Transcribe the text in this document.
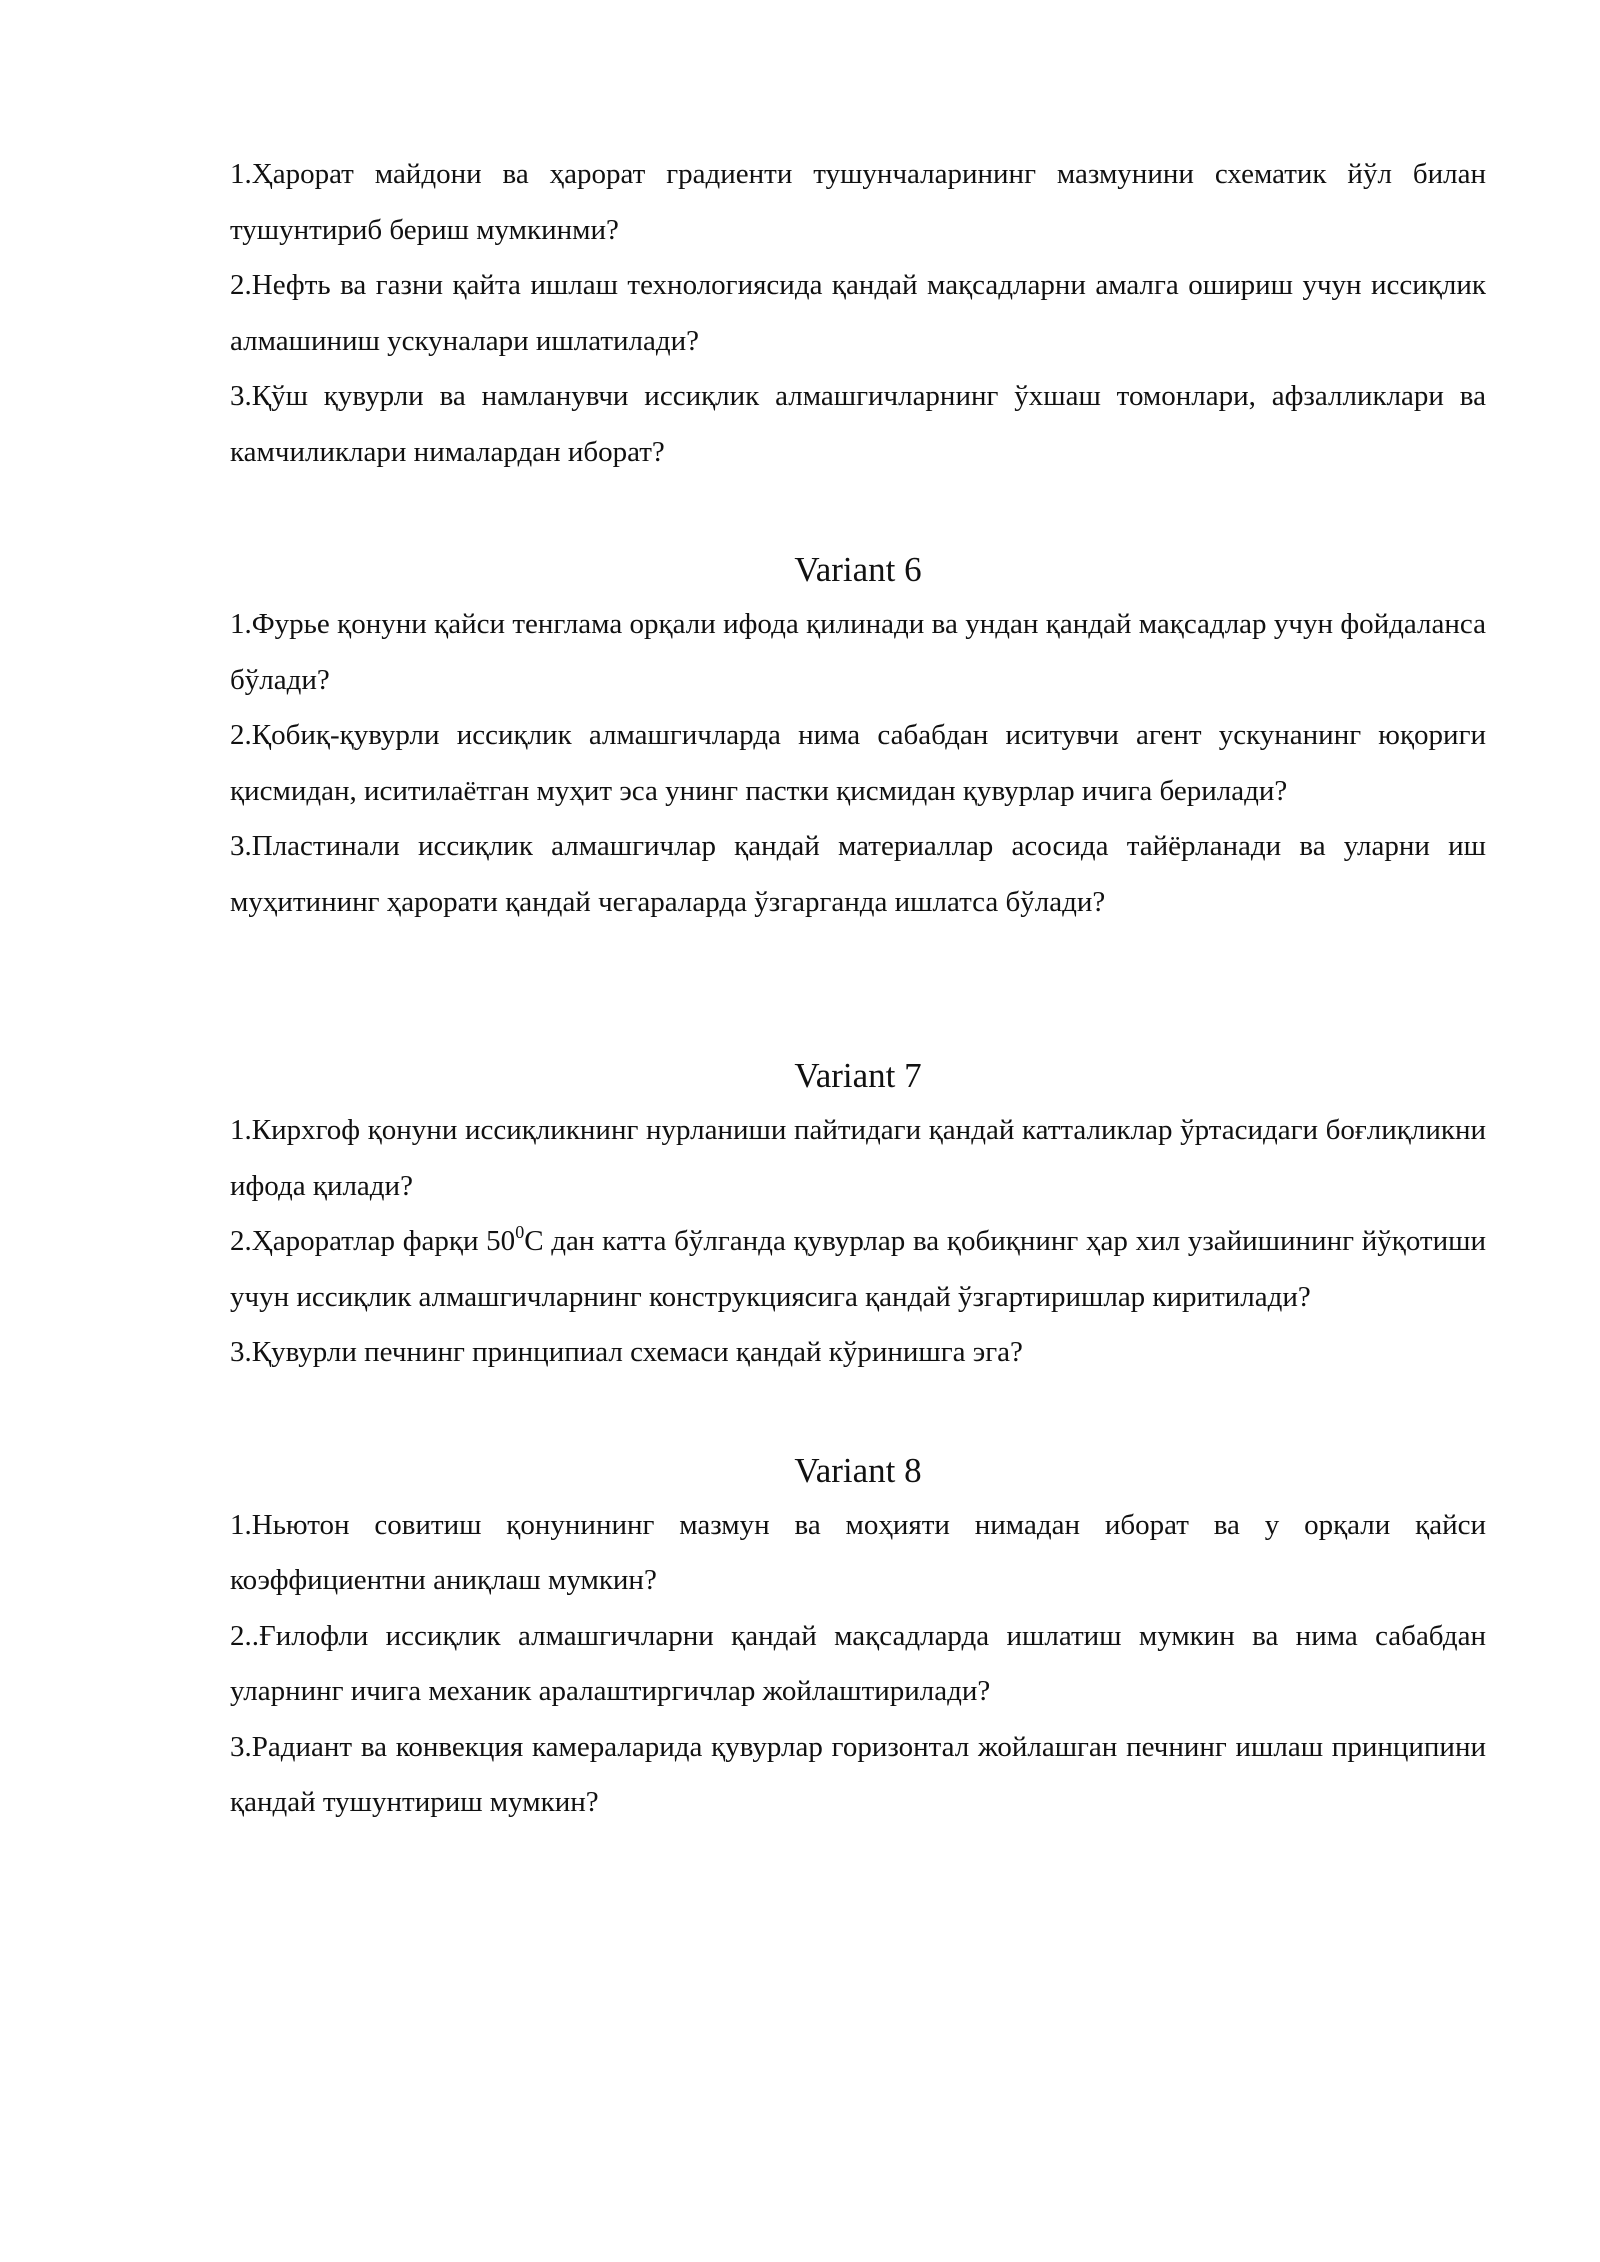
1.Ҳарорат майдони ва ҳарорат градиенти тушунчаларининг мазмунини схематик йўл билан тушунтириб бериш мумкинми?

2.Нефть ва газни қайта ишлаш технологиясида қандай мақсадларни амалга ошириш учун иссиқлик алмашиниш ускуналари ишлатилади?

3.Қўш қувурли ва намланувчи иссиқлик алмашгичларнинг ўхшаш томонлари, афзалликлари ва камчиликлари нималардан иборат?

Variant 6

1.Фурье қонуни қайси тенглама орқали ифода қилинади ва ундан қандай мақсадлар учун фойдаланса бўлади?

2.Қобиқ-қувурли иссиқлик алмашгичларда нима сабабдан иситувчи агент ускунанинг юқориги қисмидан, иситилаётган муҳит эса унинг пастки қисмидан қувурлар ичига берилади?

3.Пластинали иссиқлик алмашгичлар қандай материаллар асосида тайёрланади ва уларни иш муҳитининг ҳарорати қандай чегараларда ўзгарганда ишлатса бўлади?

Variant 7

1.Кирхгоф қонуни иссиқликнинг нурланиши пайтидаги қандай катталиклар ўртасидаги боғлиқликни ифода қилади?

2.Ҳароратлар фарқи $50^0С$ дан катта бўлганда қувурлар ва қобиқнинг ҳар хил узайишининг йўқотиши учун иссиқлик алмашгичларнинг конструкциясига қандай ўзгартиришлар киритилади?

3.Қувурли печнинг принципиал схемаси қандай кўринишга эга?

Variant 8

1.Ньютон совитиш қонунининг мазмун ва моҳияти нимадан иборат ва у орқали қайси коэффициентни аниқлаш мумкин?

2..Ғилофли иссиқлик алмашгичларни қандай мақсадларда ишлатиш мумкин ва нима сабабдан уларнинг ичига механик аралаштиргичлар жойлаштирилади?

3.Радиант ва конвекция камераларида қувурлар горизонтал жойлашган печнинг ишлаш принципини қандай тушунтириш мумкин?
